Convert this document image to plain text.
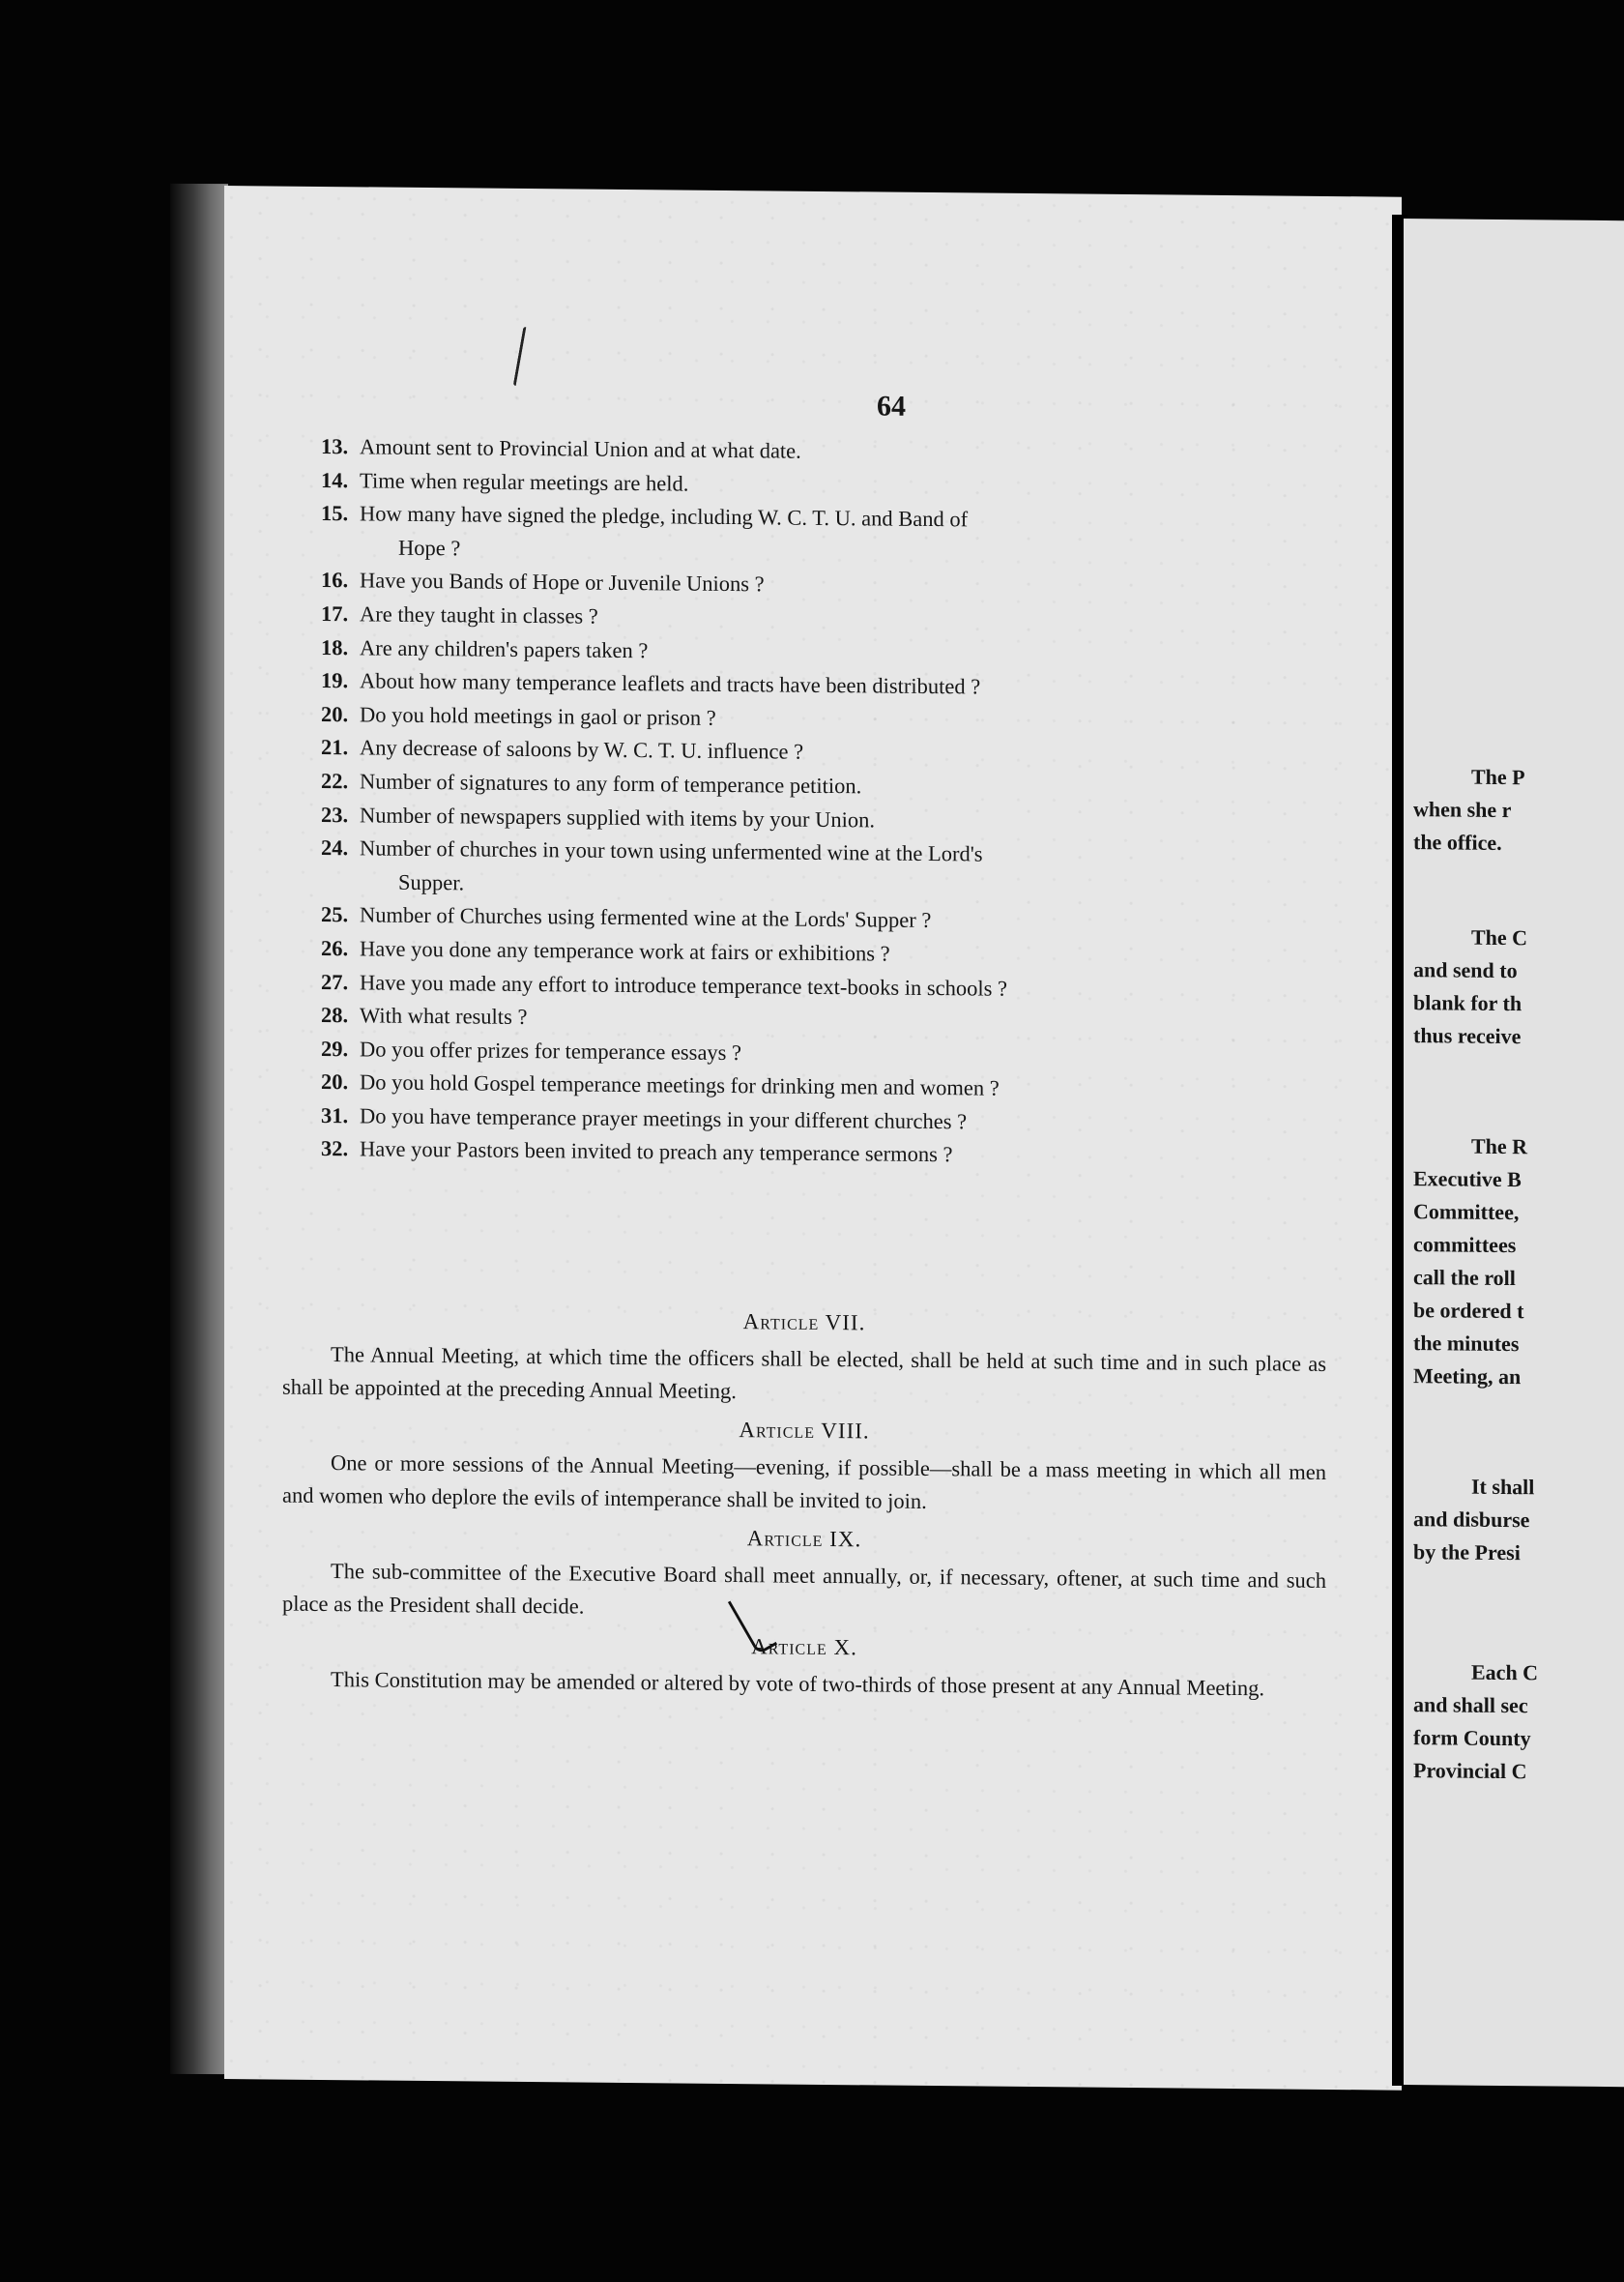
64
13. Amount sent to Provincial Union and at what date.
14. Time when regular meetings are held.
15. How many have signed the pledge, including W. C. T. U. and Band of
Hope ?
16. Have you Bands of Hope or Juvenile Unions ?
17. Are they taught in classes ?
18. Are any children's papers taken ?
19. About how many temperance leaflets and tracts have been distributed ?
20. Do you hold meetings in gaol or prison ?
21. Any decrease of saloons by W. C. T. U. influence ?
22. Number of signatures to any form of temperance petition.
23. Number of newspapers supplied with items by your Union.
24. Number of churches in your town using unfermented wine at the Lord's
Supper.
25. Number of Churches using fermented wine at the Lords' Supper ?
26. Have you done any temperance work at fairs or exhibitions ?
27. Have you made any effort to introduce temperance text-books in schools ?
28. With what results ?
29. Do you offer prizes for temperance essays ?
20. Do you hold Gospel temperance meetings for drinking men and women ?
31. Do you have temperance prayer meetings in your different churches ?
32. Have your Pastors been invited to preach any temperance sermons ?
Article VII.

The Annual Meeting, at which time the officers shall be elected, shall be held at such time and in such place as shall be appointed at the preceding Annual Meeting.

Article VIII.

One or more sessions of the Annual Meeting—evening, if possible—shall be a mass meeting in which all men and women who deplore the evils of intemperance shall be invited to join.

Article IX.

The sub-committee of the Executive Board shall meet annually, or, if necessary, oftener, at such time and such place as the President shall decide.

Article X.

This Constitution may be amended or altered by vote of two-thirds of those present at any Annual Meeting.

The P

when she r

the office.

The C

and send to

blank for th

thus receive

The R

Executive B

Committee,

committees

call the roll

be ordered t

the minutes

Meeting, an

It shall

and disburse

by the Presi

Each C

and shall sec

form County

Provincial C
